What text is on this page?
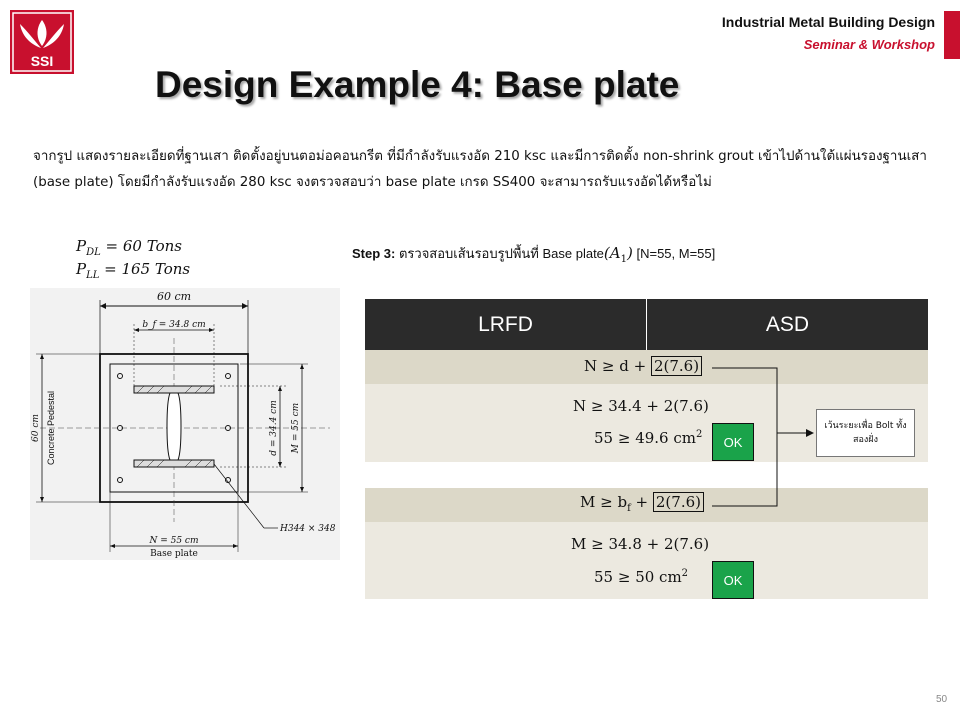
SSI
Industrial Metal Building Design
Seminar & Workshop
Design Example 4: Base plate
จากรูป แสดงรายละเอียดที่ฐานเสา ติดตั้งอยู่บนตอม่อคอนกรีต ที่มีกำลังรับแรงอัด 210 ksc และมีการติดตั้ง non-shrink grout เข้าไปด้านใต้แผ่นรองฐานเสา (base plate) โดยมีกำลังรับแรงอัด 280 ksc จงตรวจสอบว่า base plate เกรด SS400 จะสามารถรับแรงอัดได้หรือไม่
$P_{DL} = 60$ Tons
$P_{LL} = 165$ Tons
Step 3: ตรวจสอบเส้นรอบรูปพื้นที่ Base $plate(A_1)$ [N=55, M=55]
60 cm
b_f = 34.8 cm
d = 34.4 cm M = 55 cm
60 cm Concrete Pedestal
N = 55 cm
Base plate
H344 × 348
LRFD	ASD
N ≥ d + 2(7.6)
N ≥ 34.4 + 2(7.6)
55 ≥ 49.6 $cm^2$	OK
$M \ge b_f + 2(7.6)$
M ≥ 34.8 + 2(7.6)
55 ≥ 50 $cm^2$	OK
เว้นระยะเพื่อ Bolt ทั้งสองฝั่ง
50
